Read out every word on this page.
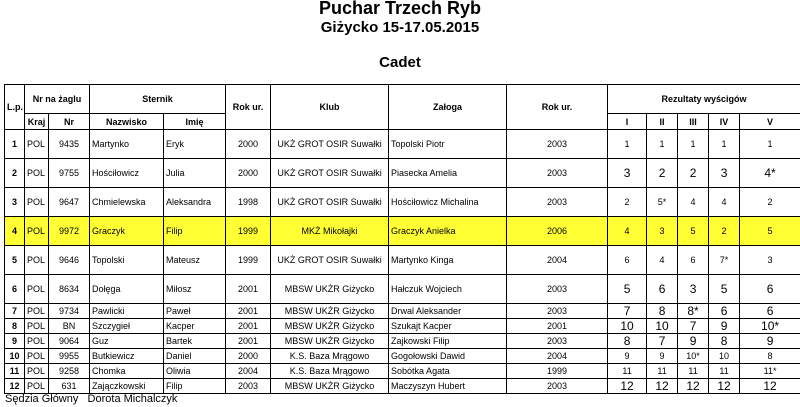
Puchar Trzech Ryb
Giżycko 15-17.05.2015
Cadet
L.p.	Nr na żaglu		Sternik		Rok ur.	Klub	Załoga	Rok ur.	Rezultaty wyścigów				
	Kraj	Nr	Nazwisko	Imię					I	II	III	IV	V
1	POL	9435	Martynko	Eryk	2000	UKŻ GROT OSIR Suwałki	Topolski Piotr	2003	1	1	1	1	1
2	POL	9755	Hościłowicz	Julia	2000	UKŻ GROT OSIR Suwałki	Piasecka Amelia	2003	3	2	2	3	4*
3	POL	9647	Chmielewska	Aleksandra	1998	UKŻ GROT OSIR Suwałki	Hościłowicz Michalina	2003	2	5*	4	4	2
4	POL	9972	Graczyk	Filip	1999	MKŻ Mikołajki	Graczyk Anielka	2006	4	3	5	2	5
5	POL	9646	Topolski	Mateusz	1999	UKŻ GROT OSIR Suwałki	Martynko Kinga	2004	6	4	6	7*	3
6	POL	8634	Dołęga	Miłosz	2001	MBSW UKŻR Giżycko	Hałczuk Wojciech	2003	5	6	3	5	6
7	POL	9734	Pawlicki	Paweł	2001	MBSW UKŻR Giżycko	Drwal Aleksander	2003	7	8	8*	6	6
8	POL	BN	Szczygieł	Kacper	2001	MBSW UKŻR Giżycko	Szukajt Kacper	2001	10	10	7	9	10*
9	POL	9064	Guz	Bartek	2001	MBSW UKŻR Giżycko	Zajkowski Filip	2003	8	7	9	8	9
10	POL	9955	Butkiewicz	Daniel	2000	K.S. Baza Mrągowo	Gogołowski Dawid	2004	9	9	10*	10	8
11	POL	9258	Chomka	Oliwia	2004	K.S. Baza Mrągowo	Sobótka Agata	1999	11	11	11	11	11*
12	POL	631	Zajączkowski	Filip	2003	MBSW UKŻR Giżycko	Maczyszyn Hubert	2003	12	12	12	12	12
Sędzia Główny Dorota Michalczyk
